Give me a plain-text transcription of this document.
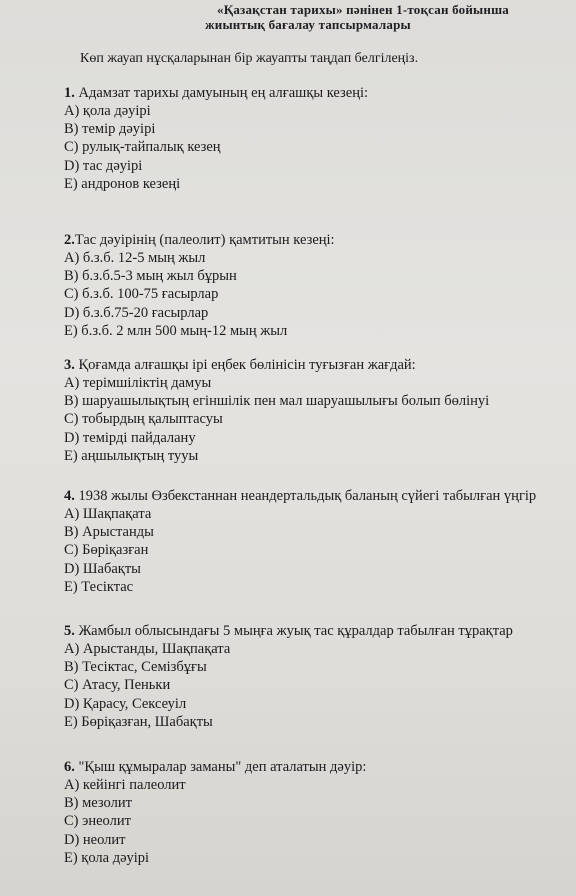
«Қазақстан тарихы» пәнінен 1-тоқсан бойынша
жиынтық бағалау тапсырмалары
Көп жауап нұсқаларынан бір жауапты таңдап белгілеңіз.
1. Адамзат тарихы дамуының ең алғашқы кезеңі:
А) қола дәуірі
В) темір дәуірі
С) рулық-тайпалық кезең
D) тас дәуірі
Е) андронов кезеңі
2.Тас дәуірінің (палеолит) қамтитын кезеңі:
А) б.з.б. 12-5 мың жыл
В) б.з.б.5-3 мың жыл бұрын
С) б.з.б. 100-75 ғасырлар
D) б.з.б.75-20 ғасырлар
Е) б.з.б. 2 млн 500 мың-12 мың жыл
3. Қоғамда алғашқы ірі еңбек бөлінісін туғызған жағдай:
А) терімшіліктің дамуы
В) шаруашылықтың егіншілік пен мал шаруашылығы болып бөлінуі
С) тобырдың қалыптасуы
D) темірді пайдалану
Е) аңшылықтың тууы
4. 1938 жылы Өзбекстаннан неандертальдық баланың сүйегі табылған үңгір
А) Шақпақата
В) Арыстанды
С) Бөріқазған
D) Шабақты
Е) Тесіктас
5. Жамбыл облысындағы 5 мыңға жуық тас құралдар табылған тұрақтар
А) Арыстанды, Шақпақата
В) Тесіктас, Семізбұғы
С) Атасу, Пеньки
D) Қарасу, Сексеуіл
Е) Бөріқазған, Шабақты
6. "Қыш құмыралар заманы" деп аталатын дәуір:
А) кейінгі палеолит
В) мезолит
С) энеолит
D) неолит
Е) қола дәуірі
